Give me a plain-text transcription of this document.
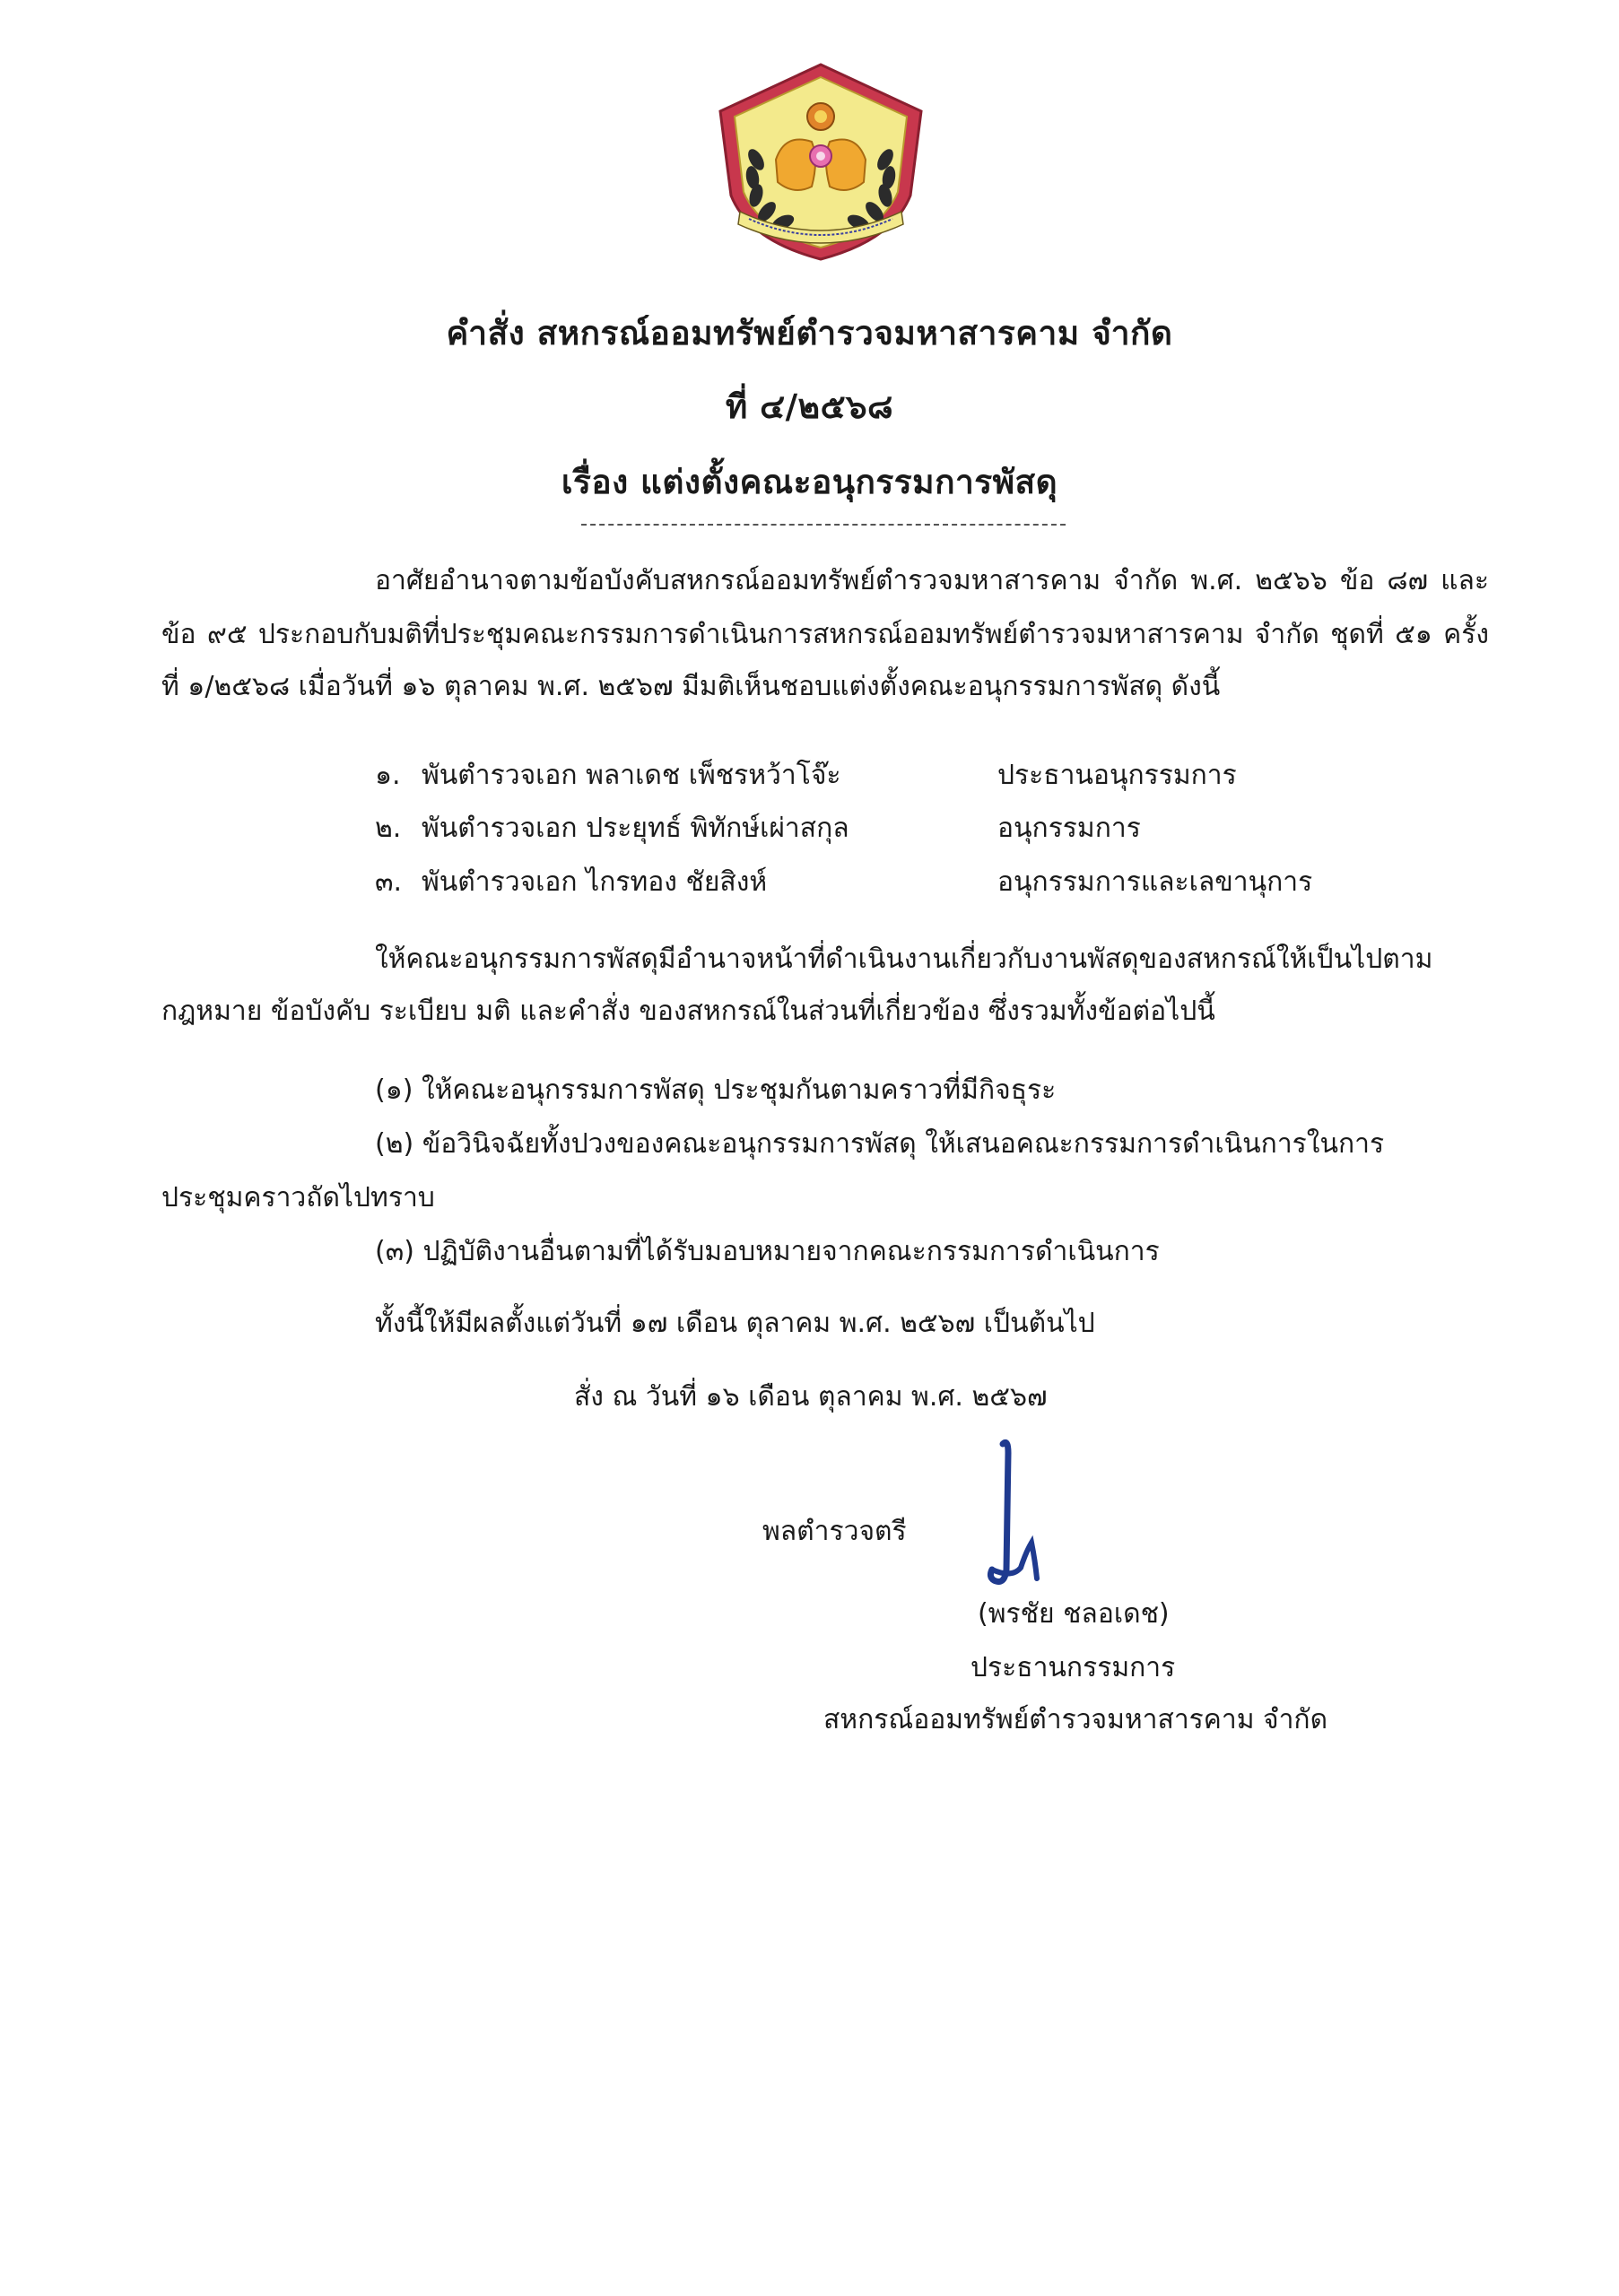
คำสั่ง สหกรณ์ออมทรัพย์ตำรวจมหาสารคาม จำกัด
ที่ ๔/๒๕๖๘
เรื่อง แต่งตั้งคณะอนุกรรมการพัสดุ
อาศัยอำนาจตามข้อบังคับสหกรณ์ออมทรัพย์ตำรวจมหาสารคาม จำกัด พ.ศ. ๒๕๖๖ ข้อ ๘๗ และ
ข้อ ๙๕ ประกอบกับมติที่ประชุมคณะกรรมการดำเนินการสหกรณ์ออมทรัพย์ตำรวจมหาสารคาม จำกัด ชุดที่ ๕๑ ครั้ง
ที่ ๑/๒๕๖๘ เมื่อวันที่ ๑๖ ตุลาคม พ.ศ. ๒๕๖๗ มีมติเห็นชอบแต่งตั้งคณะอนุกรรมการพัสดุ ดังนี้
๑. พันตำรวจเอก พลาเดช เพ็ชรหว้าโจ๊ะ	ประธานอนุกรรมการ
๒. พันตำรวจเอก ประยุทธ์ พิทักษ์เผ่าสกุล	อนุกรรมการ
๓. พันตำรวจเอก ไกรทอง ชัยสิงห์	อนุกรรมการและเลขานุการ
ให้คณะอนุกรรมการพัสดุมีอำนาจหน้าที่ดำเนินงานเกี่ยวกับงานพัสดุของสหกรณ์ให้เป็นไปตาม
กฎหมาย ข้อบังคับ ระเบียบ มติ และคำสั่ง ของสหกรณ์ในส่วนที่เกี่ยวข้อง ซึ่งรวมทั้งข้อต่อไปนี้
(๑) ให้คณะอนุกรรมการพัสดุ ประชุมกันตามคราวที่มีกิจธุระ
(๒) ข้อวินิจฉัยทั้งปวงของคณะอนุกรรมการพัสดุ ให้เสนอคณะกรรมการดำเนินการในการ
ประชุมคราวถัดไปทราบ
(๓) ปฏิบัติงานอื่นตามที่ได้รับมอบหมายจากคณะกรรมการดำเนินการ
ทั้งนี้ให้มีผลตั้งแต่วันที่ ๑๗ เดือน ตุลาคม พ.ศ. ๒๕๖๗ เป็นต้นไป
สั่ง ณ วันที่ ๑๖ เดือน ตุลาคม พ.ศ. ๒๕๖๗
พลตำรวจตรี
(พรชัย ชลอเดช)
ประธานกรรมการ
สหกรณ์ออมทรัพย์ตำรวจมหาสารคาม จำกัด
